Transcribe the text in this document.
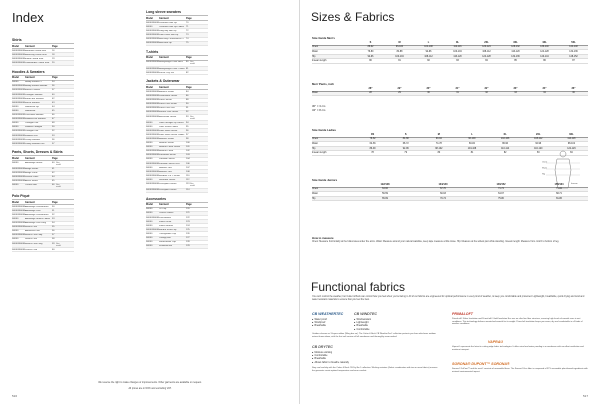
Index
Shirts
Model	Garment	Page
S0000/S0000 Buttoned Oxford Shirt	16
S0000/S0000 Bleaching Denim Shirt	18
S0000/S0000 Inland Oxford Shirt	19
S0000/S0000 Commander Cotton Shirt	20
Hoodies & Sweaters
Model	Garment	Page
S0000	Hoody Knitted PT	34
S0000/S0000 Hoody Knitted Sweater	36
S0000/S0000 Merino Pullover	37
S0000/S0000 Cardigan Sweater	40
S0000/S0000 Kotton Blu Sweater	42
S0000/S0000 Welsh Sweater	43
S0000	Sweatshirt Zip	44
S0000	Sweatshirt	45
S0000/S0000 Oversized Sweater	46
S0000/S0000 Isolated Knit Sweater	47
S0000	Cardigan Knit	48
S0000	Isolated Cardigan	50
S0000/S0000 Cardigan Knit	52
S0000/S0000 Isolated Vest	53
S0000/S0000 Cheap Sweater	56
S0000/S0000 Comfy Sweater Knit	57
Pants, Shorts, Dresses & Skirts
Model	Garment	Page
S0000	Advantage Shorts	40 New model
S0000/S0000 Bridge Shorts	41
S0000/S0000 Bridge Pants	42
S0000/S0000 Leisure Pants	44
S0000/S0000 Active Shorts	45
S0000	Casual Skirt	46 New model
Polo Piqué
Model	Garment	Page
S0000/S0000 Advantage Performance	50
S0000/S0000 Advantage Polo	51
S0000/S0000 Advantage Performance	52
S0000	Advantage Stretch Ladies 53
S0000/S0000 Advantage Polo Long	54
S0000/S0000 Stretch Polo	55
S0000	Advanced Polo	56
S0000/S0000 Stretch Polo Lady	57
S0000	Stretch Polo	58
S0000/S0000 Stretch Polo Long	59 New model
S0000/S0000 Classic Polo	60
Long sleeve sweaters
Model	Garment	Page
S0000/S0000 Crewneck Half Zip	70
S0000	Crewneck Half Zip Ladies 71
S0000/S0000 Long Bay Half Zip	72
S0000/S0000 Tidal Lakes Half Zip	73
S0000/S0000 Hold Bay Performance PT 74
S0000/S0000 Hold Half Zip	75
T-shirts
Model	Garment	Page
S0000/S0000 Heavyweight Crew Neck	80 New model
S0000/S0000 Heavyweight Crew T-Neck 81
S0000/S0000 Pacific City Tee	82
Jackets & Outerwear
Model	Garment	Page
S0000/S0000 Balance Jacket	84
S0000/S0000 Cleanstorm Jacket	86
S0000/S0000 Parka Jacket	88
S0000/S0000 Parka Park Jacket	90
S0000/S0000 Parka Park Vest	91
S0000/S0000 Warrior Park Jacket	92
S0000/S0000 Beachside Jacket	93 New model
S0000	Lofar Fastlight Zip Jacket	94
S0000	Lofar Jacket Ladies	95
S0000/S0000 Lofar Warm Jacket	96
S0000/S0000 Lofar Warm Jacket Ladies 97
S0000/S0000 Harbour Jacket	98
S0000	Heather Jacket	100
S0000	Heather Parka Jacket	101
S0000/S0000 Heather Parka	102
S0000/S0000 Parkwood Jacket	103
S0000	Parkdale Jacket	104
S0000/S0000 Parkdale Jacket Vest	106
S0000	Harbour Vest	107
S0000/S0000 Harbour Vest	108
S0000/S0000 Shadow 3 in 1 Jacket	110
S0000	Shoreline Jacket	112
S0000/S0000 Crosspoint Jacket	113 New model
S0000/S0000 Crosspoint Jacket	114
Accessories
Model	Garment	Page
S0000	Cli Cap	120
S0000	Classic Gloves	121
S0000/S0000 Cold Beanie	122
S0000	Fleece Scarf	123
S0000	Fleece Beanie	124
S0000/S0000 Sandra Scarf/Cap	125
S0000	Thorsgarden Cap	126
S0000	Canopy Hat	127
S0000	Windcheater Cap	128
S0000	Whitehall Hat	129
We reserve the right to make changes or improvements. Other garments are available on request.
All prices are in NOK and excluding VAT.
516
Sizes & Fabrics
Size Guide Men's
S	M	L	XL	2XL	3XL	4XL	5XL
Chest	88-92	96-100	104-108	112-116	120-124	128-132	136-140	144-148
Waist	76-80	84-88	92-96	100-104	108-112	116-120	124-128	132-136
Hip	92-96	100-104	108-112	116-120	124-128	132-136	140-144	148-152
Inseam length	80	81	82	83	84	85	86	87
Men' Pants, inch
28"	29"	30"	31"	32"	33"	34"	36"
Waist	28	29	30	31	32	33	34	36
Size Guide Ladies
XS	S	M	L	XL	2XL	3XL
Chest	78-82	84-88	90-94	96-100	102-106	108-112	114-118
Waist	62-66	68-72	74-78	80-84	86-90	92-96	98-102
Hip	86-90	92-96	98-102	104-108	110-114	116-120	122-126
Inseam length	78	79	80	81	82	83	84
Size Guide Juniors
122/128	134/140	146/152	158/164
Chest	63-66	67-70	71-74	75-82
Waist	56-59	60-63	64-67	68-71
Hip	65-69	70-74	75-80	81-86
30" = 3 cm
34" = 8 cm
Chest
Waist
Hip
Inseam
How to measure
Chest: Measure horizontally at the fullest area under the arms. Waist: Measure around your natural waistline, keep tape measure a little loose. Hip: Measure at the widest part while standing. Inseam length: Measure from crotch to bottom of leg.
Functional fabrics
You can't control the weather, but Cutter & Buck can control how you feel when you're facing it. All of our fabrics are engineered for optimal performance in every kind of weather, to keep you comfortable and protected. Lightweight, breathable, quick drying and wind and water resistant materials to ensure that you feel the best.
CB WEATHERTEC	CB WINDTEC
● Water proof
● Windproof
● Breathable
● Windresistant
● Lightweight
● Breathable
● Comfortable
Outdoor classes on 3 layers rubber (Wing box so). The Cutter & Buck CB WeatherTec® collection protects you from whichever outdoor nature throws down, with the first soft version of full membrane and thoroughly seam-sealed.
CB DRYTEC
● Moisture wicking
● Comfortable
● Breathable
● Allows fabric to breathe naturally
Stay cool and dry with the Cutter & Buck CB DryTec® collection. Wicking moisture (Fabric combination with two or more fabrics) ensures the garments create optimal temperature and wear comfort.
PRIMALOFT
PrimaLoft® Silver Insulation and PrimaLoft® Gold Insulation Eco use an ultra fine fiber structure, ensuring high levels of warmth even in wet conditions. This technology delivers unmatched warmth for its weight. PrimaLoft insulation keeps you warm, dry and comfortable in all kinds of weather conditions.
VAPRAU
Vaprau® represents the latest in cutting edge fabric technologies. It offers wind and water proofing in a membrane with excellent ventilation and moisture transport.
SORONA® DUPONT™ SORONA®
Sorona® DuPont™ and the nest® consists of renewable fibers. The Sorona® Eco fiber is composed of 37% renewable plant-based ingredients with minimal environmental impact.
517
